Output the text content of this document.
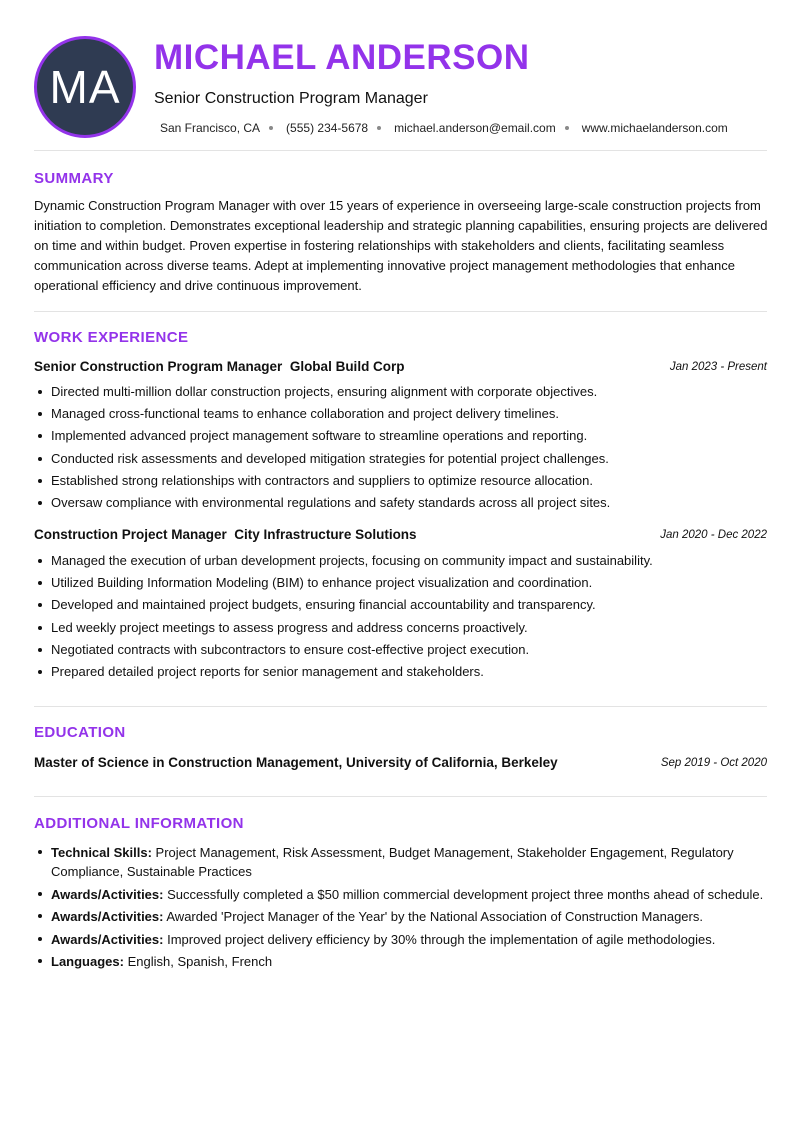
MA
MICHAEL ANDERSON
Senior Construction Program Manager
San Francisco, CA (555) 234-5678 michael.anderson@email.com www.michaelanderson.com
SUMMARY
Dynamic Construction Program Manager with over 15 years of experience in overseeing large-scale construction projects from initiation to completion. Demonstrates exceptional leadership and strategic planning capabilities, ensuring projects are delivered on time and within budget. Proven expertise in fostering relationships with stakeholders and clients, facilitating seamless communication across diverse teams. Adept at implementing innovative project management methodologies that enhance operational efficiency and drive continuous improvement.
WORK EXPERIENCE
Senior Construction Program Manager Global Build Corp	Jan 2023 - Present
Directed multi-million dollar construction projects, ensuring alignment with corporate objectives.
Managed cross-functional teams to enhance collaboration and project delivery timelines.
Implemented advanced project management software to streamline operations and reporting.
Conducted risk assessments and developed mitigation strategies for potential project challenges.
Established strong relationships with contractors and suppliers to optimize resource allocation.
Oversaw compliance with environmental regulations and safety standards across all project sites.
Construction Project Manager City Infrastructure Solutions	Jan 2020 - Dec 2022
Managed the execution of urban development projects, focusing on community impact and sustainability.
Utilized Building Information Modeling (BIM) to enhance project visualization and coordination.
Developed and maintained project budgets, ensuring financial accountability and transparency.
Led weekly project meetings to assess progress and address concerns proactively.
Negotiated contracts with subcontractors to ensure cost-effective project execution.
Prepared detailed project reports for senior management and stakeholders.
EDUCATION
Master of Science in Construction Management, University of California, Berkeley	Sep 2019 - Oct 2020
ADDITIONAL INFORMATION
Technical Skills: Project Management, Risk Assessment, Budget Management, Stakeholder Engagement, Regulatory Compliance, Sustainable Practices
Awards/Activities: Successfully completed a $50 million commercial development project three months ahead of schedule.
Awards/Activities: Awarded 'Project Manager of the Year' by the National Association of Construction Managers.
Awards/Activities: Improved project delivery efficiency by 30% through the implementation of agile methodologies.
Languages: English, Spanish, French
